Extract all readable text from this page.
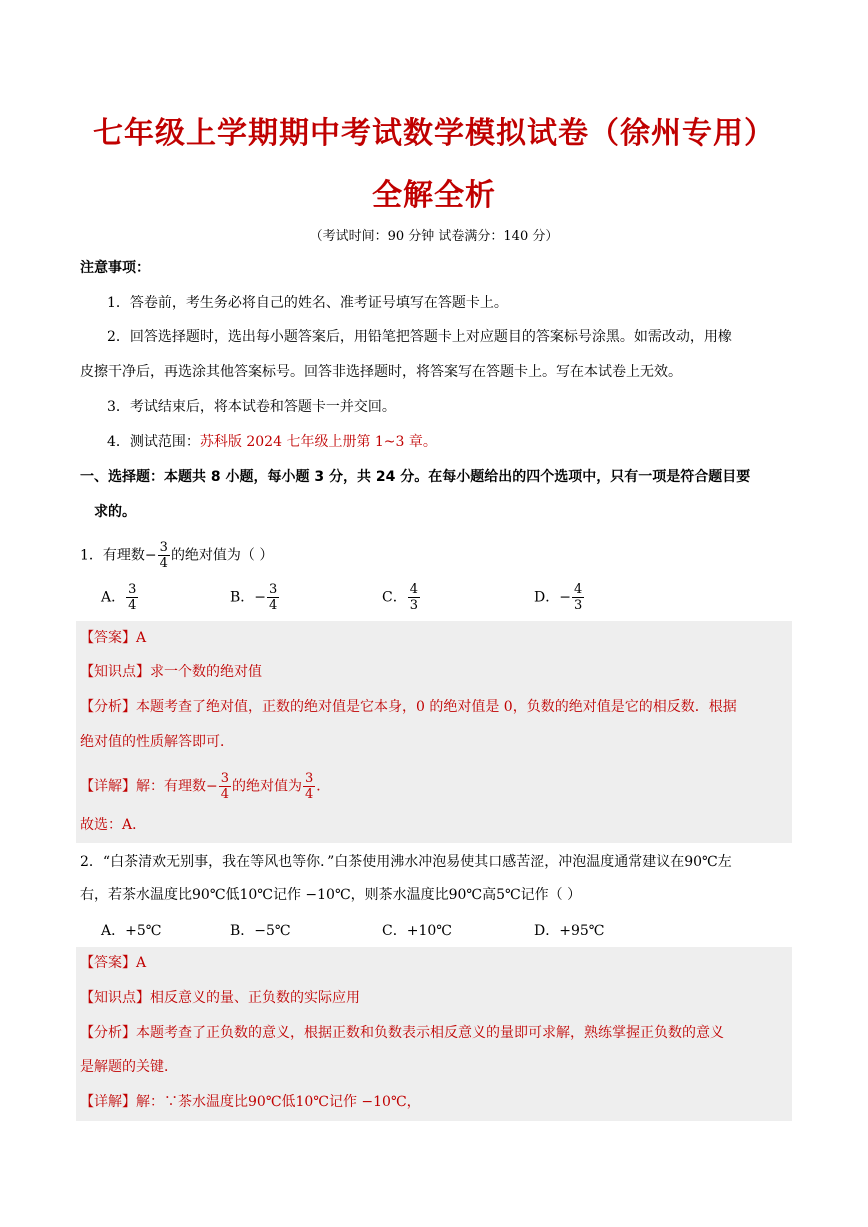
七年级上学期期中考试数学模拟试卷（徐州专用）
全解全析
（考试时间：90 分钟 试卷满分：140 分）
注意事项：
1．答卷前，考生务必将自己的姓名、准考证号填写在答题卡上。
2．回答选择题时，选出每小题答案后，用铅笔把答题卡上对应题目的答案标号涂黑。如需改动，用橡
皮擦干净后，再选涂其他答案标号。回答非选择题时，将答案写在答题卡上。写在本试卷上无效。
3．考试结束后，将本试卷和答题卡一并交回。
4．测试范围：苏科版 2024 七年级上册第 1~3 章。
一、选择题：本题共 8 小题，每小题 3 分，共 24 分。在每小题给出的四个选项中，只有一项是符合题目要
求的。
1．有理数− $\frac{3}{4}$ 的绝对值为（ ）
A． $\frac{3}{4}$	B．− $\frac{3}{4}$	C． $\frac{4}{3}$	D．− $\frac{4}{3}$
【答案】A
【知识点】求一个数的绝对值
【分析】本题考查了绝对值，正数的绝对值是它本身，0 的绝对值是 0，负数的绝对值是它的相反数．根据
绝对值的性质解答即可．
【详解】解：有理数− $\frac{3}{4}$ 的绝对值为 $\frac{3}{4}$ ．
故选：A．
2．“白茶清欢无别事，我在等风也等你．”白茶使用沸水冲泡易使其口感苦涩，冲泡温度通常建议在90℃左
右，若茶水温度比90℃低10℃记作 −10℃，则茶水温度比90℃高5℃记作（ ）
A．+5℃	B．−5℃	C．+10℃	D．+95℃
【答案】A
【知识点】相反意义的量、正负数的实际应用
【分析】本题考查了正负数的意义，根据正数和负数表示相反意义的量即可求解，熟练掌握正负数的意义
是解题的关键．
【详解】解：∵茶水温度比90℃低10℃记作 −10℃，
